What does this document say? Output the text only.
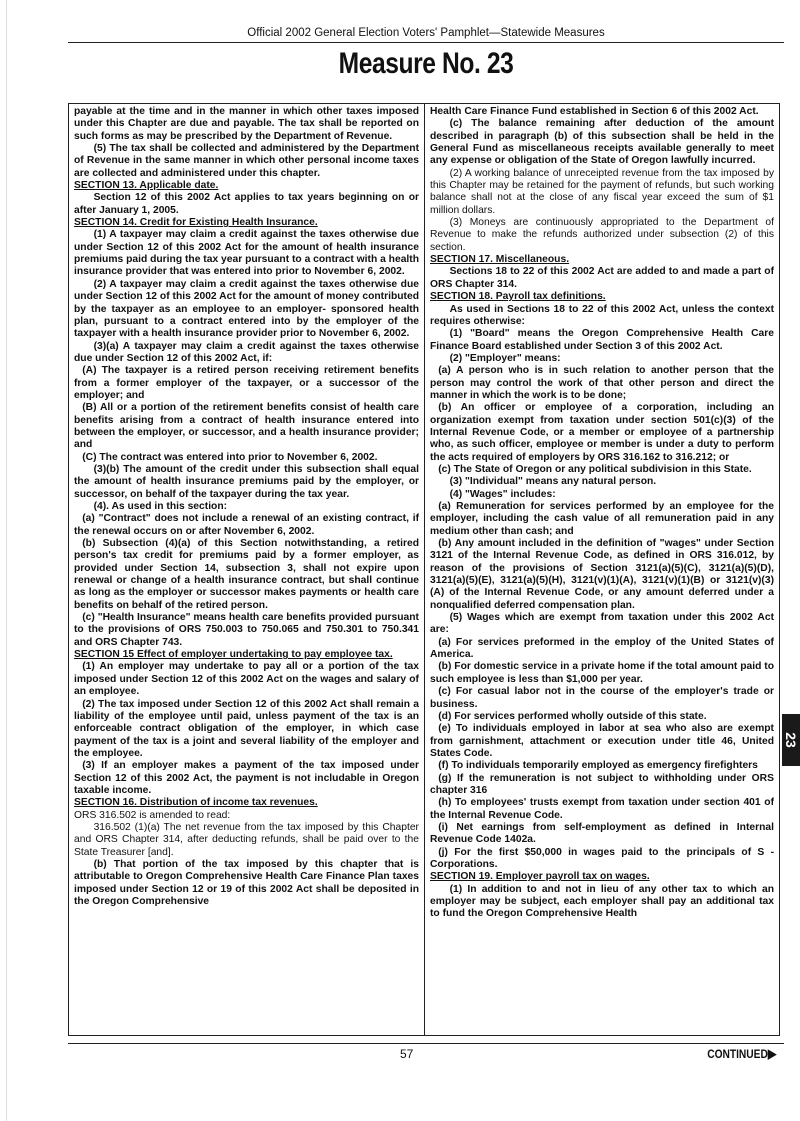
Official 2002 General Election Voters' Pamphlet—Statewide Measures
Measure No. 23

payable at the time and in the manner in which other taxes imposed under this Chapter are due and payable. The tax shall be reported on such forms as may be prescribed by the Department of Revenue.

(5) The tax shall be collected and administered by the Department of Revenue in the same manner in which other personal income taxes are collected and administered under this chapter.

SECTION 13. Applicable date.

Section 12 of this 2002 Act applies to tax years beginning on or after January 1, 2005.

SECTION 14. Credit for Existing Health Insurance.

(1) A taxpayer may claim a credit against the taxes otherwise due under Section 12 of this 2002 Act for the amount of health insurance premiums paid during the tax year pursuant to a contract with a health insurance provider that was entered into prior to November 6, 2002.

(2) A taxpayer may claim a credit against the taxes otherwise due under Section 12 of this 2002 Act for the amount of money contributed by the taxpayer as an employee to an employer- sponsored health plan, pursuant to a contract entered into by the employer of the taxpayer with a health insurance provider prior to November 6, 2002.

(3)(a) A taxpayer may claim a credit against the taxes otherwise due under Section 12 of this 2002 Act, if:

(A) The taxpayer is a retired person receiving retirement benefits from a former employer of the taxpayer, or a successor of the employer; and

(B) All or a portion of the retirement benefits consist of health care benefits arising from a contract of health insurance entered into between the employer, or successor, and a health insurance provider; and

(C) The contract was entered into prior to November 6, 2002.

(3)(b) The amount of the credit under this subsection shall equal the amount of health insurance premiums paid by the employer, or successor, on behalf of the taxpayer during the tax year.

(4). As used in this section:

(a) "Contract" does not include a renewal of an existing contract, if the renewal occurs on or after November 6, 2002.

(b) Subsection (4)(a) of this Section notwithstanding, a retired person's tax credit for premiums paid by a former employer, as provided under Section 14, subsection 3, shall not expire upon renewal or change of a health insurance contract, but shall continue as long as the employer or successor makes payments or health care benefits on behalf of the retired person.

(c) "Health Insurance" means health care benefits provided pursuant to the provisions of ORS 750.003 to 750.065 and 750.301 to 750.341 and ORS Chapter 743.

SECTION 15 Effect of employer undertaking to pay employee tax.

(1) An employer may undertake to pay all or a portion of the tax imposed under Section 12 of this 2002 Act on the wages and salary of an employee.

(2) The tax imposed under Section 12 of this 2002 Act shall remain a liability of the employee until paid, unless payment of the tax is an enforceable contract obligation of the employer, in which case payment of the tax is a joint and several liability of the employer and the employee.

(3) If an employer makes a payment of the tax imposed under Section 12 of this 2002 Act, the payment is not includable in Oregon taxable income.

SECTION 16. Distribution of income tax revenues.

ORS 316.502 is amended to read:

316.502 (1)(a) The net revenue from the tax imposed by this Chapter and ORS Chapter 314, after deducting refunds, shall be paid over to the State Treasurer [and].

(b) That portion of the tax imposed by this chapter that is attributable to Oregon Comprehensive Health Care Finance Plan taxes imposed under Section 12 or 19 of this 2002 Act shall be deposited in the Oregon Comprehensive

Health Care Finance Fund established in Section 6 of this 2002 Act.

(c) The balance remaining after deduction of the amount described in paragraph (b) of this subsection shall be held in the General Fund as miscellaneous receipts available generally to meet any expense or obligation of the State of Oregon lawfully incurred.

(2) A working balance of unreceipted revenue from the tax imposed by this Chapter may be retained for the payment of refunds, but such working balance shall not at the close of any fiscal year exceed the sum of $1 million dollars.

(3) Moneys are continuously appropriated to the Department of Revenue to make the refunds authorized under subsection (2) of this section.

SECTION 17. Miscellaneous.

Sections 18 to 22 of this 2002 Act are added to and made a part of ORS Chapter 314.

SECTION 18. Payroll tax definitions.

As used in Sections 18 to 22 of this 2002 Act, unless the context requires otherwise:

(1) "Board" means the Oregon Comprehensive Health Care Finance Board established under Section 3 of this 2002 Act.

(2) "Employer" means:

(a) A person who is in such relation to another person that the person may control the work of that other person and direct the manner in which the work is to be done;

(b) An officer or employee of a corporation, including an organization exempt from taxation under section 501(c)(3) of the Internal Revenue Code, or a member or employee of a partnership who, as such officer, employee or member is under a duty to perform the acts required of employers by ORS 316.162 to 316.212; or

(c) The State of Oregon or any political subdivision in this State.

(3) "Individual" means any natural person.

(4) "Wages" includes:

(a) Remuneration for services performed by an employee for the employer, including the cash value of all remuneration paid in any medium other than cash; and

(b) Any amount included in the definition of "wages" under Section 3121 of the Internal Revenue Code, as defined in ORS 316.012, by reason of the provisions of Section 3121(a)(5)(C), 3121(a)(5)(D), 3121(a)(5)(E), 3121(a)(5)(H), 3121(v)(1)(A), 3121(v)(1)(B) or 3121(v)(3)(A) of the Internal Revenue Code, or any amount deferred under a nonqualified deferred compensation plan.

(5) Wages which are exempt from taxation under this 2002 Act are:

(a) For services preformed in the employ of the United States of America.

(b) For domestic service in a private home if the total amount paid to such employee is less than $1,000 per year.

(c) For casual labor not in the course of the employer's trade or business.

(d) For services performed wholly outside of this state.

(e) To individuals employed in labor at sea who also are exempt from garnishment, attachment or execution under title 46, United States Code.

(f) To individuals temporarily employed as emergency firefighters

(g) If the remuneration is not subject to withholding under ORS chapter 316

(h) To employees' trusts exempt from taxation under section 401 of the Internal Revenue Code.

(i) Net earnings from self-employment as defined in Internal Revenue Code 1402a.

(j) For the first $50,000 in wages paid to the principals of S -Corporations.

SECTION 19. Employer payroll tax on wages.

(1) In addition to and not in lieu of any other tax to which an employer may be subject, each employer shall pay an additional tax to fund the Oregon Comprehensive Health

23
57	CONTINUED▶
